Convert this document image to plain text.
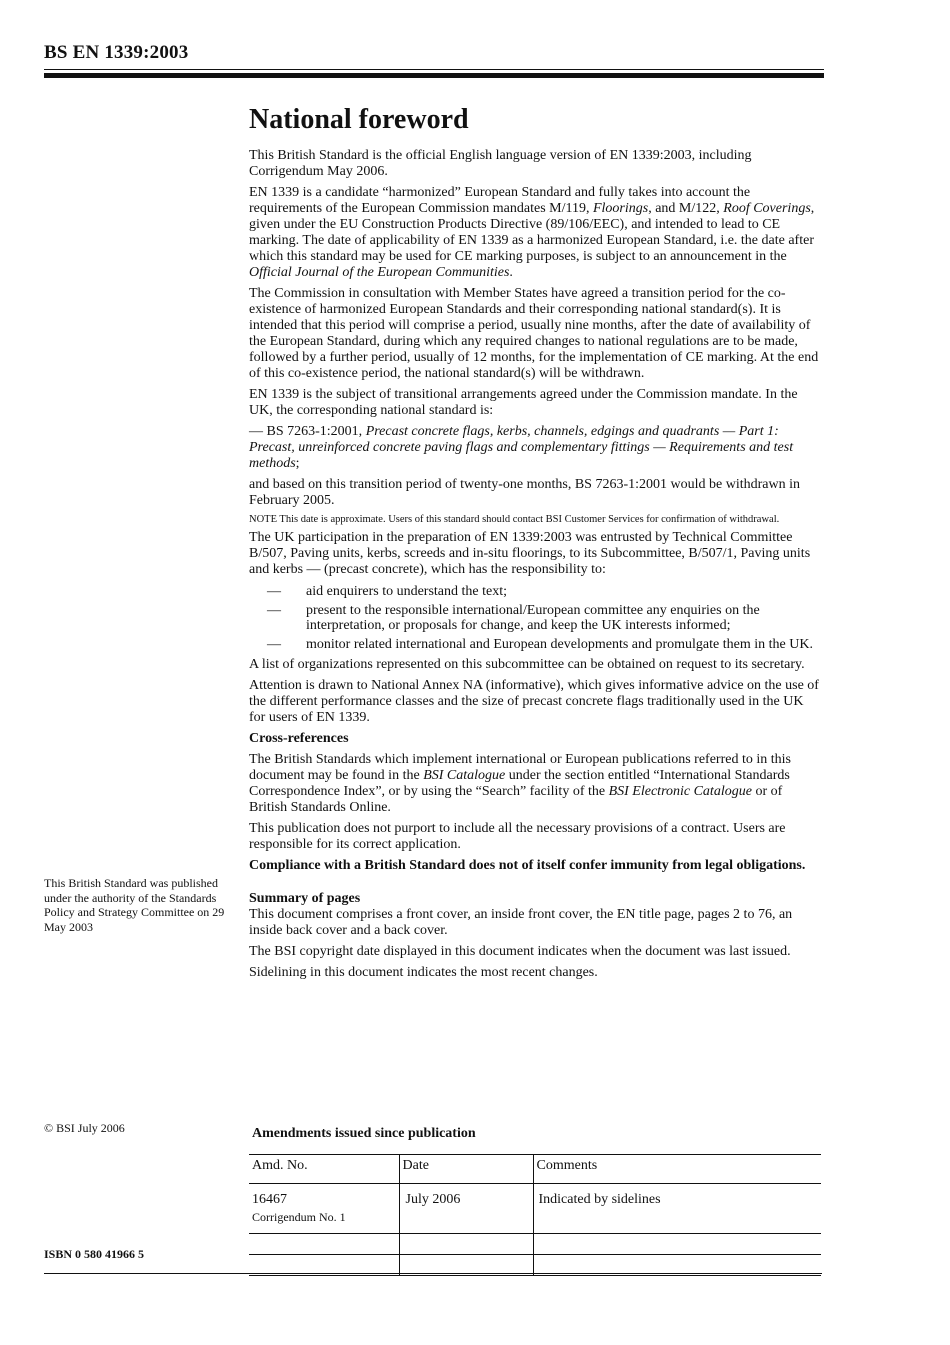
BS EN 1339:2003
National foreword

This British Standard is the official English language version of EN 1339:2003, including Corrigendum May 2006.

EN 1339 is a candidate “harmonized” European Standard and fully takes into account the requirements of the European Commission mandates M/119, Floorings, and M/122, Roof Coverings, given under the EU Construction Products Directive (89/106/EEC), and intended to lead to CE marking. The date of applicability of EN 1339 as a harmonized European Standard, i.e. the date after which this standard may be used for CE marking purposes, is subject to an announcement in the Official Journal of the European Communities.

The Commission in consultation with Member States have agreed a transition period for the co-existence of harmonized European Standards and their corresponding national standard(s). It is intended that this period will comprise a period, usually nine months, after the date of availability of the European Standard, during which any required changes to national regulations are to be made, followed by a further period, usually of 12 months, for the implementation of CE marking. At the end of this co-existence period, the national standard(s) will be withdrawn.

EN 1339 is the subject of transitional arrangements agreed under the Commission mandate. In the UK, the corresponding national standard is:

— BS 7263-1:2001, Precast concrete flags, kerbs, channels, edgings and quadrants — Part 1: Precast, unreinforced concrete paving flags and complementary fittings — Requirements and test methods;

and based on this transition period of twenty-one months, BS 7263-1:2001 would be withdrawn in February 2005.

NOTE This date is approximate. Users of this standard should contact BSI Customer Services for confirmation of withdrawal.

The UK participation in the preparation of EN 1339:2003 was entrusted by Technical Committee B/507, Paving units, kerbs, screeds and in-situ floorings, to its Subcommittee, B/507/1, Paving units and kerbs — (precast concrete), which has the responsibility to:

— aid enquirers to understand the text;
— present to the responsible international/European committee any enquiries on the interpretation, or proposals for change, and keep the UK interests informed;
— monitor related international and European developments and promulgate them in the UK.

A list of organizations represented on this subcommittee can be obtained on request to its secretary.

Attention is drawn to National Annex NA (informative), which gives informative advice on the use of the different performance classes and the size of precast concrete flags traditionally used in the UK for users of EN 1339.

Cross-references

The British Standards which implement international or European publications referred to in this document may be found in the BSI Catalogue under the section entitled “International Standards Correspondence Index”, or by using the “Search” facility of the BSI Electronic Catalogue or of British Standards Online.

This publication does not purport to include all the necessary provisions of a contract. Users are responsible for its correct application.

Compliance with a British Standard does not of itself confer immunity from legal obligations.

Summary of pages

This document comprises a front cover, an inside front cover, the EN title page, pages 2 to 76, an inside back cover and a back cover.

The BSI copyright date displayed in this document indicates when the document was last issued.

Sidelining in this document indicates the most recent changes.

This British Standard was published under the authority of the Standards Policy and Strategy Committee on 29 May 2003
© BSI July 2006
ISBN 0 580 41966 5
Amendments issued since publication
Amd. No.	Date	Comments
16467
Corrigendum No. 1	July 2006	Indicated by sidelines
